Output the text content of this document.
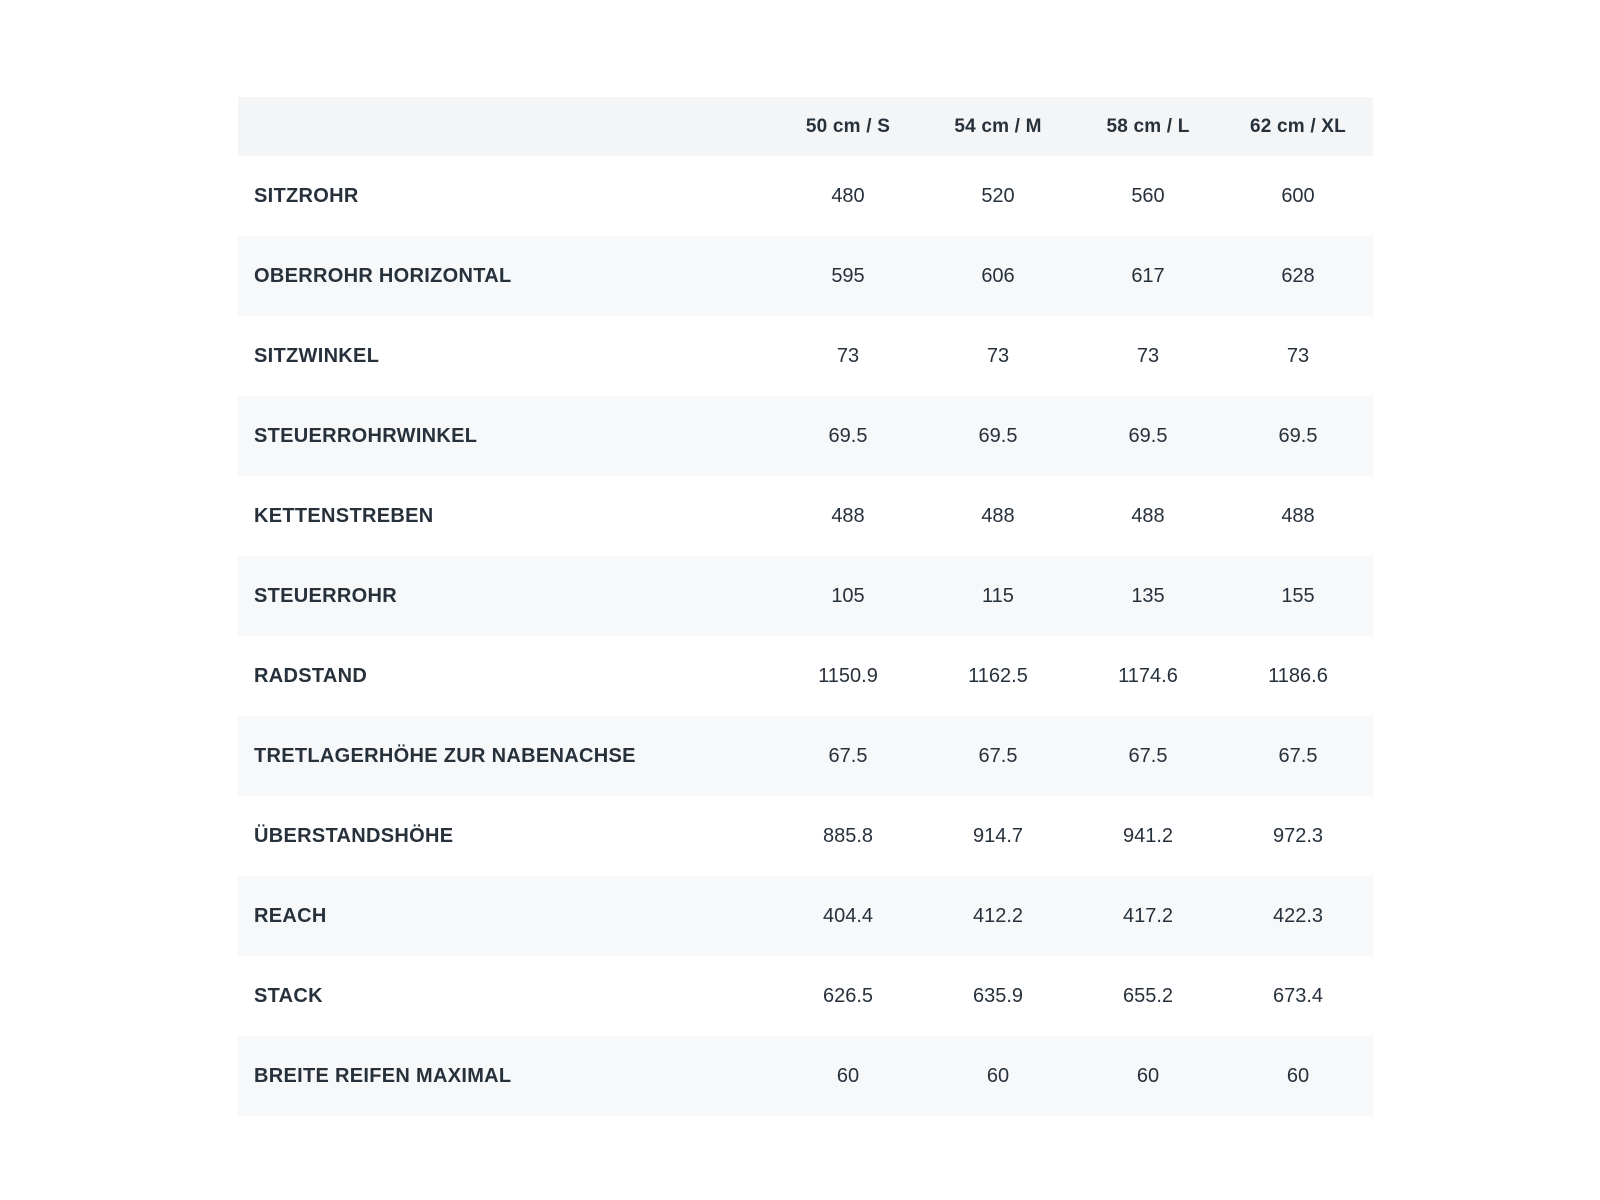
	50 cm / S	54 cm / M	58 cm / L	62 cm / XL
SITZROHR	480	520	560	600
OBERROHR HORIZONTAL	595	606	617	628
SITZWINKEL	73	73	73	73
STEUERROHRWINKEL	69.5	69.5	69.5	69.5
KETTENSTREBEN	488	488	488	488
STEUERROHR	105	115	135	155
RADSTAND	1150.9	1162.5	1174.6	1186.6
TRETLAGERHÖHE ZUR NABENACHSE	67.5	67.5	67.5	67.5
ÜBERSTANDSHÖHE	885.8	914.7	941.2	972.3
REACH	404.4	412.2	417.2	422.3
STACK	626.5	635.9	655.2	673.4
BREITE REIFEN MAXIMAL	60	60	60	60
